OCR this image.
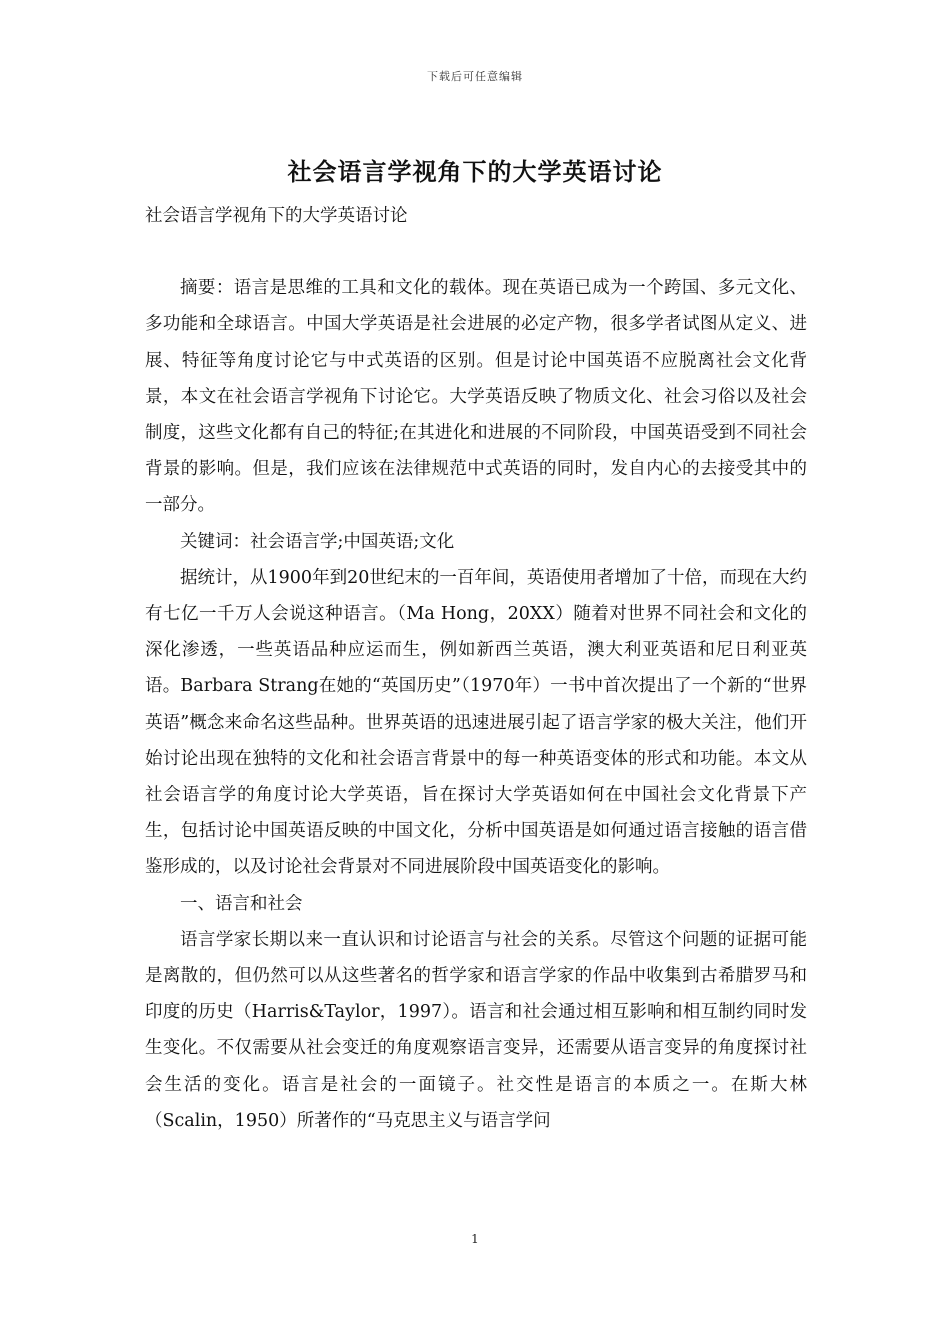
下载后可任意编辑
社会语言学视角下的大学英语讨论

社会语言学视角下的大学英语讨论

摘要：语言是思维的工具和文化的载体。现在英语已成为一个跨国、多元文化、多功能和全球语言。中国大学英语是社会进展的必定产物，很多学者试图从定义、进展、特征等角度讨论它与中式英语的区别。但是讨论中国英语不应脱离社会文化背景，本文在社会语言学视角下讨论它。大学英语反映了物质文化、社会习俗以及社会制度，这些文化都有自己的特征;在其进化和进展的不同阶段，中国英语受到不同社会背景的影响。但是，我们应该在法律规范中式英语的同时，发自内心的去接受其中的一部分。

关键词：社会语言学;中国英语;文化

据统计，从1900年到20世纪末的一百年间，英语使用者增加了十倍，而现在大约有七亿一千万人会说这种语言。（Ma Hong，20XX）随着对世界不同社会和文化的深化渗透，一些英语品种应运而生，例如新西兰英语，澳大利亚英语和尼日利亚英语。Barbara Strang在她的“英国历史”（1970年）一书中首次提出了一个新的“世界英语”概念来命名这些品种。世界英语的迅速进展引起了语言学家的极大关注，他们开始讨论出现在独特的文化和社会语言背景中的每一种英语变体的形式和功能。本文从社会语言学的角度讨论大学英语，旨在探讨大学英语如何在中国社会文化背景下产生，包括讨论中国英语反映的中国文化，分析中国英语是如何通过语言接触的语言借鉴形成的，以及讨论社会背景对不同进展阶段中国英语变化的影响。

一、语言和社会

语言学家长期以来一直认识和讨论语言与社会的关系。尽管这个问题的证据可能是离散的，但仍然可以从这些著名的哲学家和语言学家的作品中收集到古希腊罗马和印度的历史（Harris&Taylor，1997）。语言和社会通过相互影响和相互制约同时发生变化。不仅需要从社会变迁的角度观察语言变异，还需要从语言变异的角度探讨社会生活的变化。语言是社会的一面镜子。社交性是语言的本质之一。在斯大林（Scalin，1950）所著作的“马克思主义与语言学问

1
